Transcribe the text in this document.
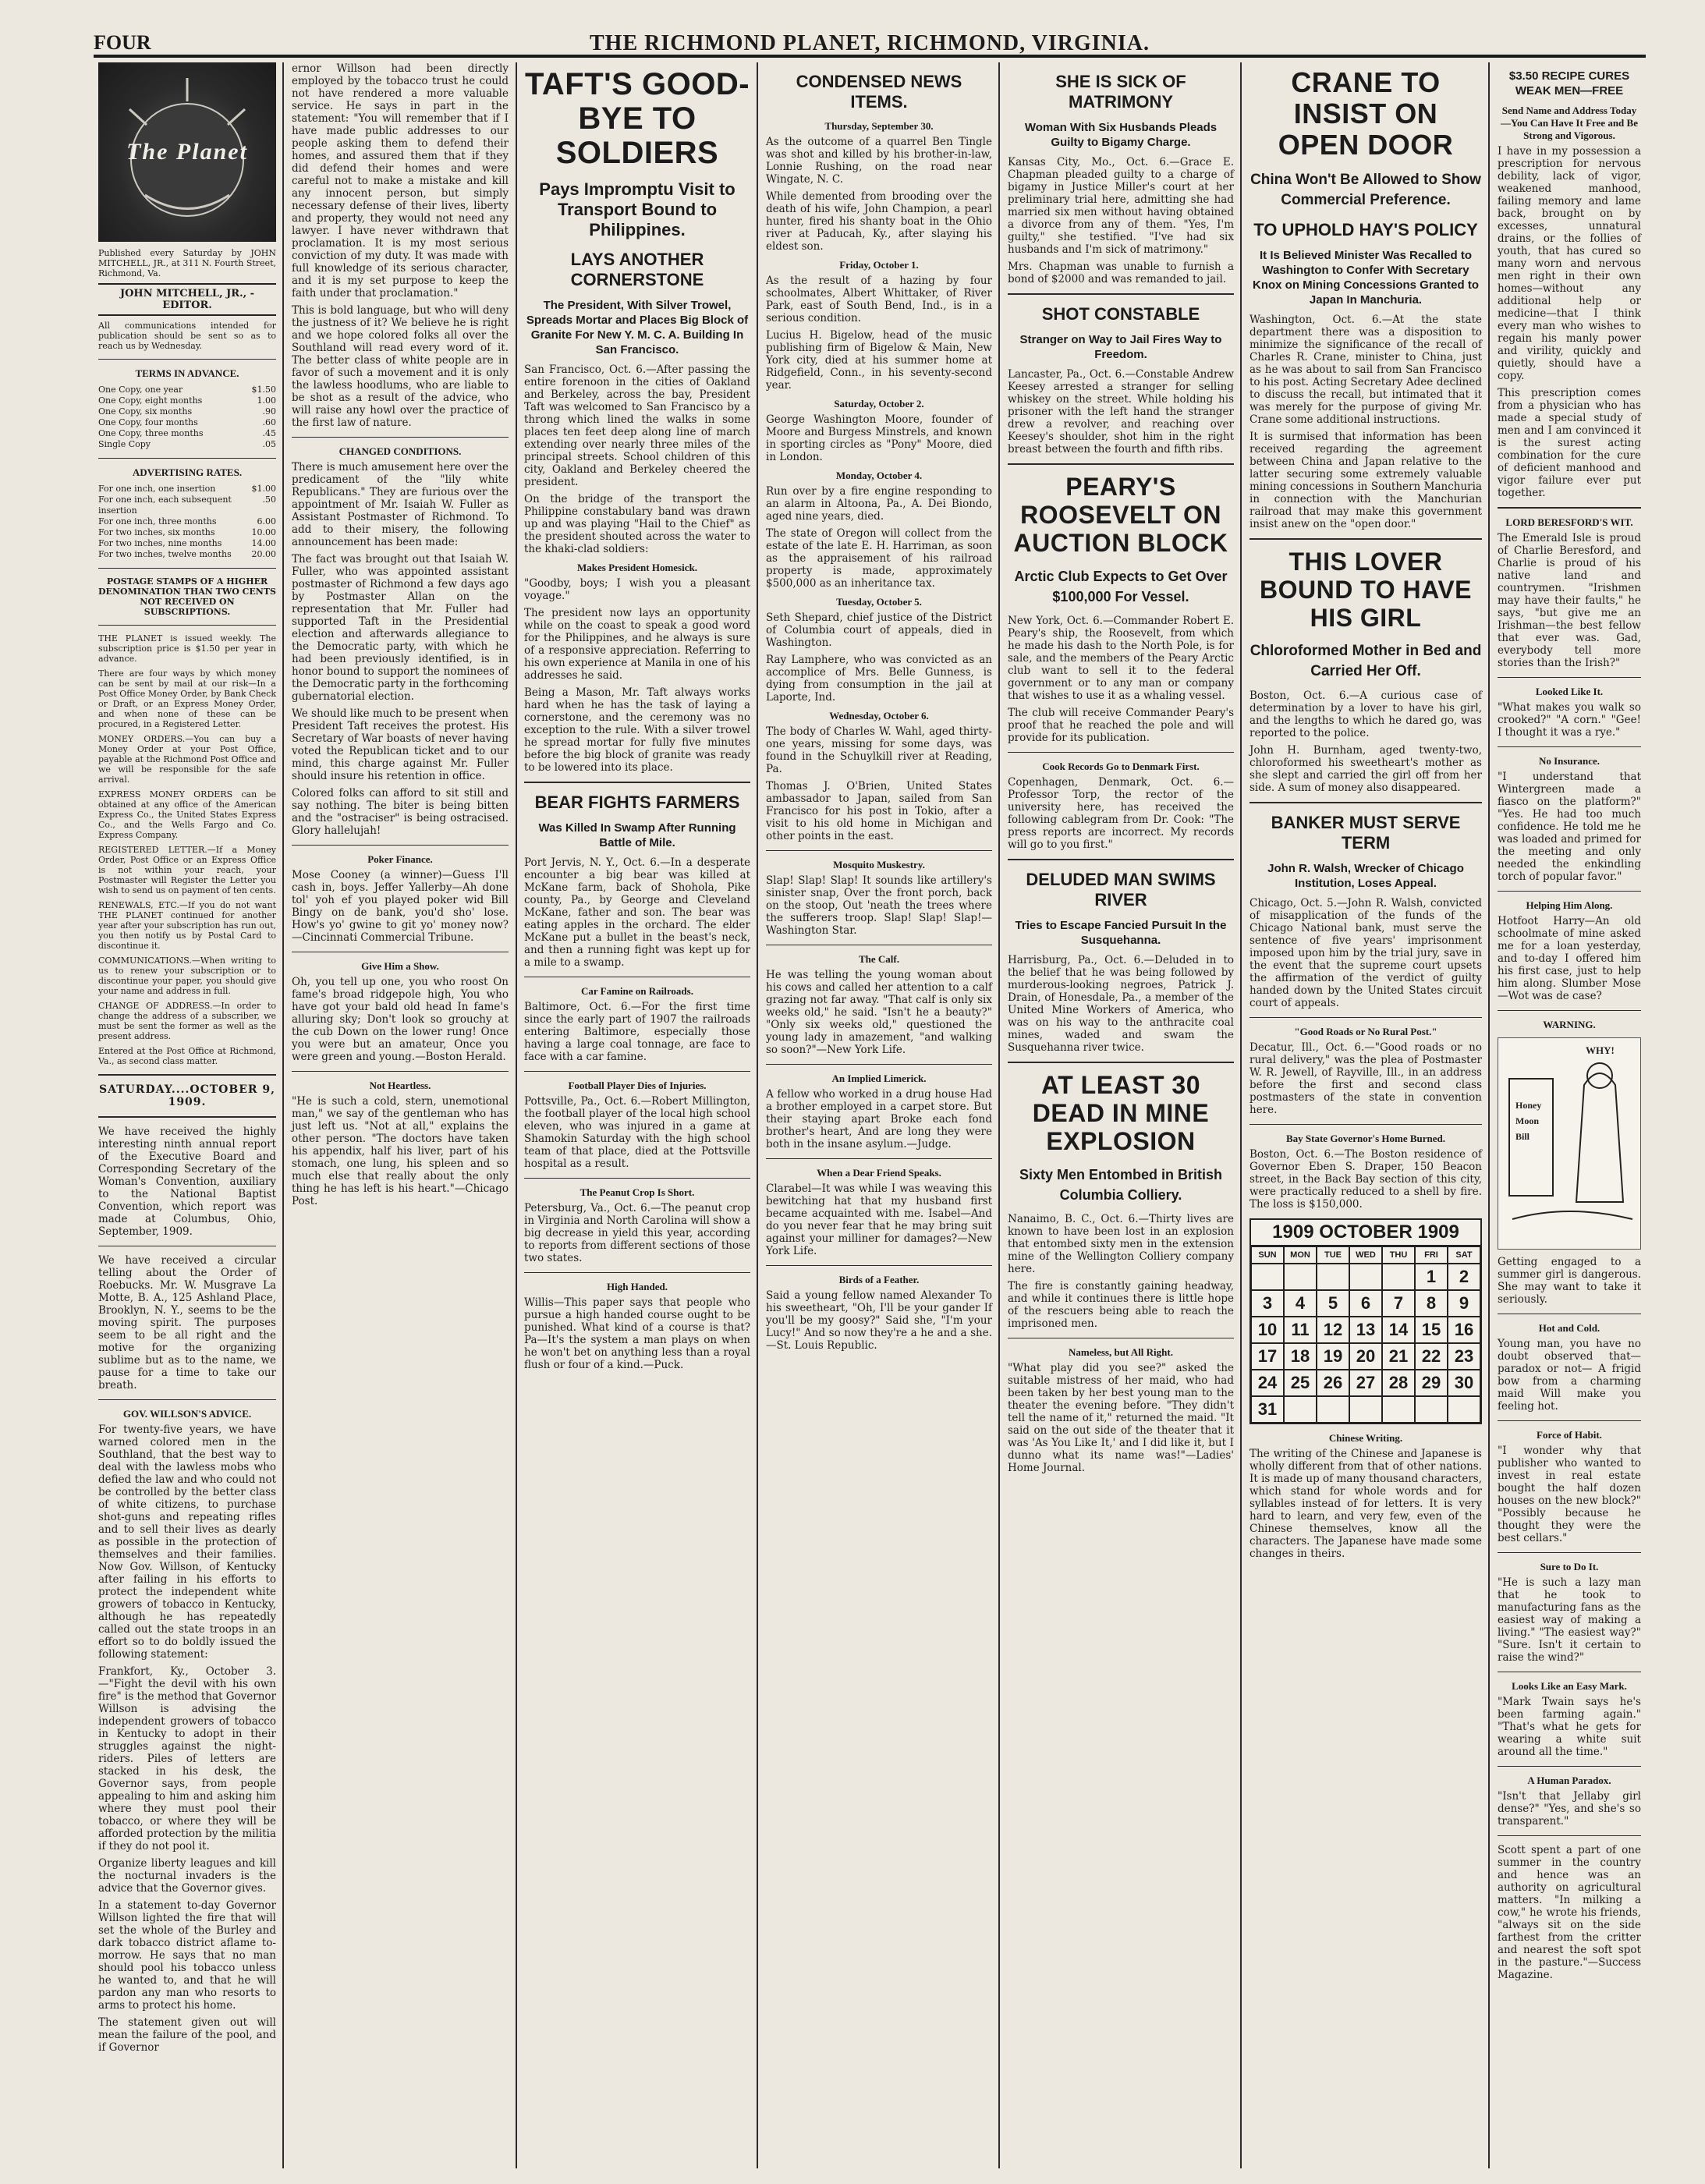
FOUR	THE RICHMOND PLANET, RICHMOND, VIRGINIA.
The Planet

Published every Saturday by JOHN MITCHELL, JR., at 311 N. Fourth Street, Richmond, Va.

JOHN MITCHELL, JR., - EDITOR.

All communications intended for publication should be sent so as to reach us by Wednesday.

TERMS IN ADVANCE.
One Copy, one year	$1.50
One Copy, eight months	1.00
One Copy, six months	.90
One Copy, four months	.60
One Copy, three months	.45
Single Copy	.05
ADVERTISING RATES.
For one inch, one insertion	$1.00
For one inch, each subsequent insertion
.50
For one inch, three months	6.00
For two inches, six months	10.00
For two inches, nine months	14.00
For two inches, twelve months 20.00

POSTAGE STAMPS OF A HIGHER DENOMINATION THAN TWO CENTS NOT RECEIVED ON SUBSCRIPTIONS.

THE PLANET is issued weekly. The subscription price is $1.50 per year in advance.

There are four ways by which money can be sent by mail at our risk—In a Post Office Money Order, by Bank Check or Draft, or an Express Money Order, and when none of these can be procured, in a Registered Letter.

MONEY ORDERS.—You can buy a Money Order at your Post Office, payable at the Richmond Post Office and we will be responsible for the safe arrival.

EXPRESS MONEY ORDERS can be obtained at any office of the American Express Co., the United States Express Co., and the Wells Fargo and Co. Express Company.

REGISTERED LETTER.—If a Money Order, Post Office or an Express Office is not within your reach, your Postmaster will Register the Letter you wish to send us on payment of ten cents.

RENEWALS, ETC.—If you do not want THE PLANET continued for another year after your subscription has run out, you then notify us by Postal Card to discontinue it.

COMMUNICATIONS.—When writing to us to renew your subscription or to discontinue your paper, you should give your name and address in full.

CHANGE OF ADDRESS.—In order to change the address of a subscriber, we must be sent the former as well as the present address.

Entered at the Post Office at Richmond, Va., as second class matter.

SATURDAY....OCTOBER 9, 1909.

We have received the highly interesting ninth annual report of the Executive Board and Corresponding Secretary of the Woman's Convention, auxiliary to the National Baptist Convention, which report was made at Columbus, Ohio, September, 1909.

We have received a circular telling about the Order of Roebucks. Mr. W. Musgrave La Motte, B. A., 125 Ashland Place, Brooklyn, N. Y., seems to be the moving spirit. The purposes seem to be all right and the motive for the organizing sublime but as to the name, we pause for a time to take our breath.

GOV. WILLSON'S ADVICE.

For twenty-five years, we have warned colored men in the Southland, that the best way to deal with the lawless mobs who defied the law and who could not be controlled by the better class of white citizens, to purchase shot-guns and repeating rifles and to sell their lives as dearly as possible in the protection of themselves and their families. Now Gov. Willson, of Kentucky after failing in his efforts to protect the independent white growers of tobacco in Kentucky, although he has repeatedly called out the state troops in an effort so to do boldly issued the following statement:

Frankfort, Ky., October 3.—"Fight the devil with his own fire" is the method that Governor Willson is advising the independent growers of tobacco in Kentucky to adopt in their struggles against the night-riders. Piles of letters are stacked in his desk, the Governor says, from people appealing to him and asking him where they must pool their tobacco, or where they will be afforded protection by the militia if they do not pool it.

Organize liberty leagues and kill the nocturnal invaders is the advice that the Governor gives.

In a statement to-day Governor Willson lighted the fire that will set the whole of the Burley and dark tobacco district aflame to-morrow. He says that no man should pool his tobacco unless he wanted to, and that he will pardon any man who resorts to arms to protect his home.

The statement given out will mean the failure of the pool, and if Governor

ernor Willson had been directly employed by the tobacco trust he could not have rendered a more valuable service. He says in part in the statement: "You will remember that if I have made public addresses to our people asking them to defend their homes, and assured them that if they did defend their homes and were careful not to make a mistake and kill any innocent person, but simply necessary defense of their lives, liberty and property, they would not need any lawyer. I have never withdrawn that proclamation. It is my most serious conviction of my duty. It was made with full knowledge of its serious character, and it is my set purpose to keep the faith under that proclamation."

This is bold language, but who will deny the justness of it? We believe he is right and we hope colored folks all over the Southland will read every word of it. The better class of white people are in favor of such a movement and it is only the lawless hoodlums, who are liable to be shot as a result of the advice, who will raise any howl over the practice of the first law of nature.

CHANGED CONDITIONS.

There is much amusement here over the predicament of the "lily white Republicans." They are furious over the appointment of Mr. Isaiah W. Fuller as Assistant Postmaster of Richmond. To add to their misery, the following announcement has been made:

The fact was brought out that Isaiah W. Fuller, who was appointed assistant postmaster of Richmond a few days ago by Postmaster Allan on the representation that Mr. Fuller had supported Taft in the Presidential election and afterwards allegiance to the Democratic party, with which he had been previously identified, is in honor bound to support the nominees of the Democratic party in the forthcoming gubernatorial election.

We should like much to be present when President Taft receives the protest. His Secretary of War boasts of never having voted the Republican ticket and to our mind, this charge against Mr. Fuller should insure his retention in office.

Colored folks can afford to sit still and say nothing. The biter is being bitten and the "ostraciser" is being ostracised. Glory hallelujah!

Poker Finance.

Mose Cooney (a winner)—Guess I'll cash in, boys. Jeffer Yallerby—Ah done tol' yoh ef you played poker wid Bill Bingy on de bank, you'd sho' lose. How's yo' gwine to git yo' money now?—Cincinnati Commercial Tribune.

Give Him a Show.

Oh, you tell up one, you who roost On fame's broad ridgepole high, You who have got your bald old head In fame's alluring sky; Don't look so grouchy at the cub Down on the lower rung! Once you were but an amateur, Once you were green and young.—Boston Herald.

Not Heartless.

"He is such a cold, stern, unemotional man," we say of the gentleman who has just left us. "Not at all," explains the other person. "The doctors have taken his appendix, half his liver, part of his stomach, one lung, his spleen and so much else that really about the only thing he has left is his heart."—Chicago Post.

TAFT'S GOOD-BYE TO SOLDIERS
Pays Impromptu Visit to Transport Bound to Philippines.
LAYS ANOTHER CORNERSTONE
The President, With Silver Trowel, Spreads Mortar and Places Big Block of Granite For New Y. M. C. A. Building In San Francisco.

San Francisco, Oct. 6.—After passing the entire forenoon in the cities of Oakland and Berkeley, across the bay, President Taft was welcomed to San Francisco by a throng which lined the walks in some places ten feet deep along line of march extending over nearly three miles of the principal streets. School children of this city, Oakland and Berkeley cheered the president.

On the bridge of the transport the Philippine constabulary band was drawn up and was playing "Hail to the Chief" as the president shouted across the water to the khaki-clad soldiers:

Makes President Homesick.

"Goodby, boys; I wish you a pleasant voyage."

The president now lays an opportunity while on the coast to speak a good word for the Philippines, and he always is sure of a responsive appreciation. Referring to his own experience at Manila in one of his addresses he said.

Being a Mason, Mr. Taft always works hard when he has the task of laying a cornerstone, and the ceremony was no exception to the rule. With a silver trowel he spread mortar for fully five minutes before the big block of granite was ready to be lowered into its place.

BEAR FIGHTS FARMERS
Was Killed In Swamp After Running Battle of Mile.

Port Jervis, N. Y., Oct. 6.—In a desperate encounter a big bear was killed at McKane farm, back of Shohola, Pike county, Pa., by George and Cleveland McKane, father and son. The bear was eating apples in the orchard. The elder McKane put a bullet in the beast's neck, and then a running fight was kept up for a mile to a swamp.

Car Famine on Railroads.

Baltimore, Oct. 6.—For the first time since the early part of 1907 the railroads entering Baltimore, especially those having a large coal tonnage, are face to face with a car famine.

Football Player Dies of Injuries.

Pottsville, Pa., Oct. 6.—Robert Millington, the football player of the local high school eleven, who was injured in a game at Shamokin Saturday with the high school team of that place, died at the Pottsville hospital as a result.

The Peanut Crop Is Short.

Petersburg, Va., Oct. 6.—The peanut crop in Virginia and North Carolina will show a big decrease in yield this year, according to reports from different sections of those two states.

High Handed.

Willis—This paper says that people who pursue a high handed course ought to be punished. What kind of a course is that? Pa—It's the system a man plays on when he won't bet on anything less than a royal flush or four of a kind.—Puck.

CONDENSED NEWS ITEMS.
Thursday, September 30.

As the outcome of a quarrel Ben Tingle was shot and killed by his brother-in-law, Lonnie Rushing, on the road near Wingate, N. C.

While demented from brooding over the death of his wife, John Champion, a pearl hunter, fired his shanty boat in the Ohio river at Paducah, Ky., after slaying his eldest son.

Friday, October 1.

As the result of a hazing by four schoolmates, Albert Whittaker, of River Park, east of South Bend, Ind., is in a serious condition.

Lucius H. Bigelow, head of the music publishing firm of Bigelow & Main, New York city, died at his summer home at Ridgefield, Conn., in his seventy-second year.

Saturday, October 2.

George Washington Moore, founder of Moore and Burgess Minstrels, and known in sporting circles as "Pony" Moore, died in London.

Monday, October 4.

Run over by a fire engine responding to an alarm in Altoona, Pa., A. Dei Biondo, aged nine years, died.

The state of Oregon will collect from the estate of the late E. H. Harriman, as soon as the appraisement of his railroad property is made, approximately $500,000 as an inheritance tax.

Tuesday, October 5.

Seth Shepard, chief justice of the District of Columbia court of appeals, died in Washington.

Ray Lamphere, who was convicted as an accomplice of Mrs. Belle Gunness, is dying from consumption in the jail at Laporte, Ind.

Wednesday, October 6.

The body of Charles W. Wahl, aged thirty-one years, missing for some days, was found in the Schuylkill river at Reading, Pa.

Thomas J. O'Brien, United States ambassador to Japan, sailed from San Francisco for his post in Tokio, after a visit to his old home in Michigan and other points in the east.

Mosquito Muskestry.

Slap! Slap! Slap! It sounds like artillery's sinister snap, Over the front porch, back on the stoop, Out 'neath the trees where the sufferers troop. Slap! Slap! Slap!—Washington Star.

The Calf.

He was telling the young woman about his cows and called her attention to a calf grazing not far away. "That calf is only six weeks old," he said. "Isn't he a beauty?" "Only six weeks old," questioned the young lady in amazement, "and walking so soon?"—New York Life.

An Implied Limerick.

A fellow who worked in a drug house Had a brother employed in a carpet store. But their staying apart Broke each fond brother's heart, And are long they were both in the insane asylum.—Judge.

When a Dear Friend Speaks.

Clarabel—It was while I was weaving this bewitching hat that my husband first became acquainted with me. Isabel—And do you never fear that he may bring suit against your milliner for damages?—New York Life.

Birds of a Feather.

Said a young fellow named Alexander To his sweetheart, "Oh, I'll be your gander If you'll be my goosy?" Said she, "I'm your Lucy!" And so now they're a he and a she.—St. Louis Republic.

SHE IS SICK OF MATRIMONY
Woman With Six Husbands Pleads Guilty to Bigamy Charge.

Kansas City, Mo., Oct. 6.—Grace E. Chapman pleaded guilty to a charge of bigamy in Justice Miller's court at her preliminary trial here, admitting she had married six men without having obtained a divorce from any of them. "Yes, I'm guilty," she testified. "I've had six husbands and I'm sick of matrimony."

Mrs. Chapman was unable to furnish a bond of $2000 and was remanded to jail.

SHOT CONSTABLE
Stranger on Way to Jail Fires Way to Freedom.

Lancaster, Pa., Oct. 6.—Constable Andrew Keesey arrested a stranger for selling whiskey on the street. While holding his prisoner with the left hand the stranger drew a revolver, and reaching over Keesey's shoulder, shot him in the right breast between the fourth and fifth ribs.

PEARY'S ROOSEVELT ON AUCTION BLOCK
Arctic Club Expects to Get Over $100,000 For Vessel.

New York, Oct. 6.—Commander Robert E. Peary's ship, the Roosevelt, from which he made his dash to the North Pole, is for sale, and the members of the Peary Arctic club want to sell it to the federal government or to any man or company that wishes to use it as a whaling vessel.

The club will receive Commander Peary's proof that he reached the pole and will provide for its publication.

Cook Records Go to Denmark First.

Copenhagen, Denmark, Oct. 6.—Professor Torp, the rector of the university here, has received the following cablegram from Dr. Cook: "The press reports are incorrect. My records will go to you first."

DELUDED MAN SWIMS RIVER
Tries to Escape Fancied Pursuit In the Susquehanna.

Harrisburg, Pa., Oct. 6.—Deluded in to the belief that he was being followed by murderous-looking negroes, Patrick J. Drain, of Honesdale, Pa., a member of the United Mine Workers of America, who was on his way to the anthracite coal mines, waded and swam the Susquehanna river twice.

AT LEAST 30 DEAD IN MINE EXPLOSION
Sixty Men Entombed in British Columbia Colliery.

Nanaimo, B. C., Oct. 6.—Thirty lives are known to have been lost in an explosion that entombed sixty men in the extension mine of the Wellington Colliery company here.

The fire is constantly gaining headway, and while it continues there is little hope of the rescuers being able to reach the imprisoned men.

Nameless, but All Right.

"What play did you see?" asked the suitable mistress of her maid, who had been taken by her best young man to the theater the evening before. "They didn't tell the name of it," returned the maid. "It said on the out side of the theater that it was 'As You Like It,' and I did like it, but I dunno what its name was!"—Ladies' Home Journal.

CRANE TO INSIST ON OPEN DOOR
China Won't Be Allowed to Show Commercial Preference.
TO UPHOLD HAY'S POLICY
It Is Believed Minister Was Recalled to Washington to Confer With Secretary Knox on Mining Concessions Granted to Japan In Manchuria.

Washington, Oct. 6.—At the state department there was a disposition to minimize the significance of the recall of Charles R. Crane, minister to China, just as he was about to sail from San Francisco to his post. Acting Secretary Adee declined to discuss the recall, but intimated that it was merely for the purpose of giving Mr. Crane some additional instructions.

It is surmised that information has been received regarding the agreement between China and Japan relative to the latter securing some extremely valuable mining concessions in Southern Manchuria in connection with the Manchurian railroad that may make this government insist anew on the "open door."

THIS LOVER BOUND TO HAVE HIS GIRL
Chloroformed Mother in Bed and Carried Her Off.

Boston, Oct. 6.—A curious case of determination by a lover to have his girl, and the lengths to which he dared go, was reported to the police.

John H. Burnham, aged twenty-two, chloroformed his sweetheart's mother as she slept and carried the girl off from her side. A sum of money also disappeared.

BANKER MUST SERVE TERM
John R. Walsh, Wrecker of Chicago Institution, Loses Appeal.

Chicago, Oct. 5.—John R. Walsh, convicted of misapplication of the funds of the Chicago National bank, must serve the sentence of five years' imprisonment imposed upon him by the trial jury, save in the event that the supreme court upsets the affirmation of the verdict of guilty handed down by the United States circuit court of appeals.

"Good Roads or No Rural Post."

Decatur, Ill., Oct. 6.—"Good roads or no rural delivery," was the plea of Postmaster W. R. Jewell, of Rayville, Ill., in an address before the first and second class postmasters of the state in convention here.

Bay State Governor's Home Burned.

Boston, Oct. 6.—The Boston residence of Governor Eben S. Draper, 150 Beacon street, in the Back Bay section of this city, were practically reduced to a shell by fire. The loss is $150,000.

1909 OCTOBER 1909
SUN	MON	TUE	WED	THU	FRI	SAT
1	2
3	4	5	6	7	8	9
10 11 12 13 14 15 16
17 18 19 20 21 22 23
24 25 26 27 28 29 30
31
Chinese Writing.

The writing of the Chinese and Japanese is wholly different from that of other nations. It is made up of many thousand characters, which stand for whole words and for syllables instead of for letters. It is very hard to learn, and very few, even of the Chinese themselves, know all the characters. The Japanese have made some changes in theirs.

$3.50 RECIPE CURES WEAK MEN—FREE
Send Name and Address Today—You Can Have It Free and Be Strong and Vigorous.

I have in my possession a prescription for nervous debility, lack of vigor, weakened manhood, failing memory and lame back, brought on by excesses, unnatural drains, or the follies of youth, that has cured so many worn and nervous men right in their own homes—without any additional help or medicine—that I think every man who wishes to regain his manly power and virility, quickly and quietly, should have a copy.

This prescription comes from a physician who has made a special study of men and I am convinced it is the surest acting combination for the cure of deficient manhood and vigor failure ever put together.

LORD BERESFORD'S WIT.

The Emerald Isle is proud of Charlie Beresford, and Charlie is proud of his native land and countrymen. "Irishmen may have their faults," he says, "but give me an Irishman—the best fellow that ever was. Gad, everybody tell more stories than the Irish?"

Looked Like It.

"What makes you walk so crooked?" "A corn." "Gee! I thought it was a rye."

No Insurance.

"I understand that Wintergreen made a fiasco on the platform?" "Yes. He had too much confidence. He told me he was loaded and primed for the meeting and only needed the enkindling torch of popular favor."

Helping Him Along.

Hotfoot Harry—An old schoolmate of mine asked me for a loan yesterday, and to-day I offered him his first case, just to help him along. Slumber Mose—Wot was de case?

WARNING.
WHY!
Honey
Moon
Bill

Getting engaged to a summer girl is dangerous. She may want to take it seriously.

Hot and Cold.

Young man, you have no doubt observed that—paradox or not— A frigid bow from a charming maid Will make you feeling hot.

Force of Habit.

"I wonder why that publisher who wanted to invest in real estate bought the half dozen houses on the new block?" "Possibly because he thought they were the best cellars."

Sure to Do It.

"He is such a lazy man that he took to manufacturing fans as the easiest way of making a living." "The easiest way?" "Sure. Isn't it certain to raise the wind?"

Looks Like an Easy Mark.

"Mark Twain says he's been farming again." "That's what he gets for wearing a white suit around all the time."

A Human Paradox.

"Isn't that Jellaby girl dense?" "Yes, and she's so transparent."

Scott spent a part of one summer in the country and hence was an authority on agricultural matters. "In milking a cow," he wrote his friends, "always sit on the side farthest from the critter and nearest the soft spot in the pasture."—Success Magazine.
